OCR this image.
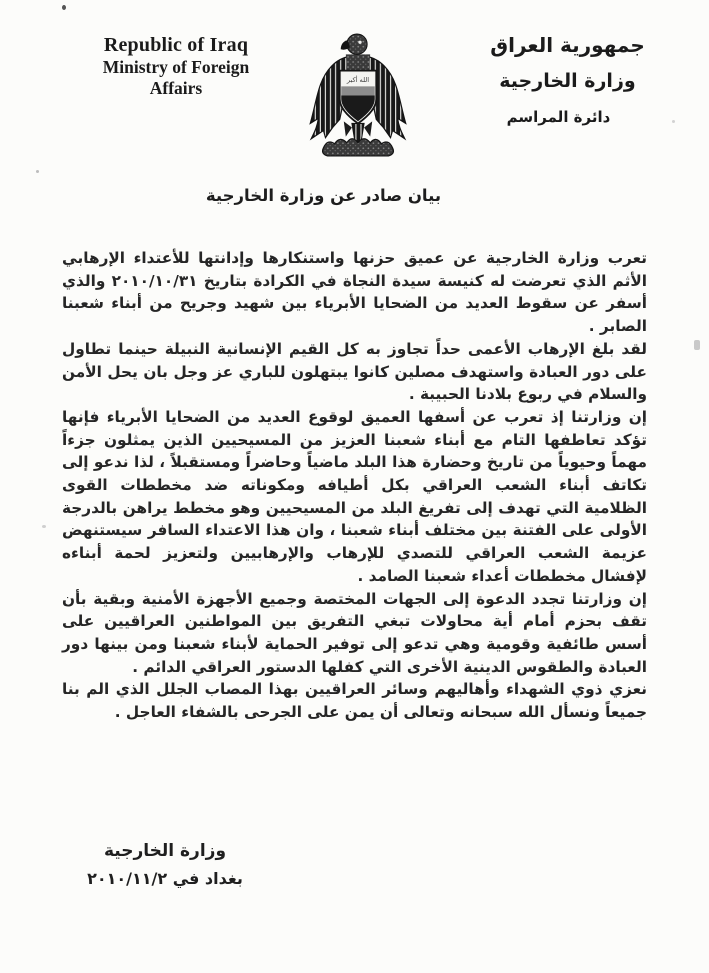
Republic of Iraq
Ministry of Foreign
Affairs	الله أكبر
جمهورية العراق
وزارة الخارجية
دائرة المراسم
بيان صادر عن وزارة الخارجية

تعرب وزارة الخارجية عن عميق حزنها واستنكارها وإدانتها للأعتداء الإرهابي الأثم الذي تعرضت له كنيسة سيدة النجاة في الكرادة بتاريخ ٢٠١٠/١٠/٣١ والذي أسفر عن سقوط العديد من الضحايا الأبرياء بين شهيد وجريح من أبناء شعبنا الصابر .

لقد بلغ الإرهاب الأعمى حداً تجاوز به كل القيم الإنسانية النبيلة حينما تطاول على دور العبادة واستهدف مصلين كانوا يبتهلون للباري عز وجل بان يحل الأمن والسلام في ربوع بلادنا الحبيبة .

إن وزارتنا إذ تعرب عن أسفها العميق لوقوع العديد من الضحايا الأبرياء فإنها تؤكد تعاطفها التام مع أبناء شعبنا العزيز من المسيحيين الذين يمثلون جزءاً مهماً وحيوياً من تاريخ وحضارة هذا البلد ماضياً وحاضراً ومستقبلاً ، لذا ندعو إلى تكاتف أبناء الشعب العراقي بكل أطيافه ومكوناته ضد مخططات القوى الظلامية التي تهدف إلى تفريغ البلد من المسيحيين وهو مخطط يراهن بالدرجة الأولى على الفتنة بين مختلف أبناء شعبنا ، وان هذا الاعتداء السافر سيستنهض عزيمة الشعب العراقي للتصدي للإرهاب والإرهابيين ولتعزيز لحمة أبناءه لإفشال مخططات أعداء شعبنا الصامد .

إن وزارتنا تجدد الدعوة إلى الجهات المختصة وجميع الأجهزة الأمنية وبقية بأن تقف بحزم أمام أية محاولات تبغي التفريق بين المواطنين العراقيين على أسس طائفية وقومية وهي تدعو إلى توفير الحماية لأبناء شعبنا ومن بينها دور العبادة والطقوس الدينية الأخرى التي كفلها الدستور العراقي الدائم .

نعزي ذوي الشهداء وأهاليهم وسائر العراقيين بهذا المصاب الجلل الذي الم بنا جميعاً ونسأل الله سبحانه وتعالى أن يمن على الجرحى بالشفاء العاجل .

وزارة الخارجية
بغداد في ٢٠١٠/١١/٢
